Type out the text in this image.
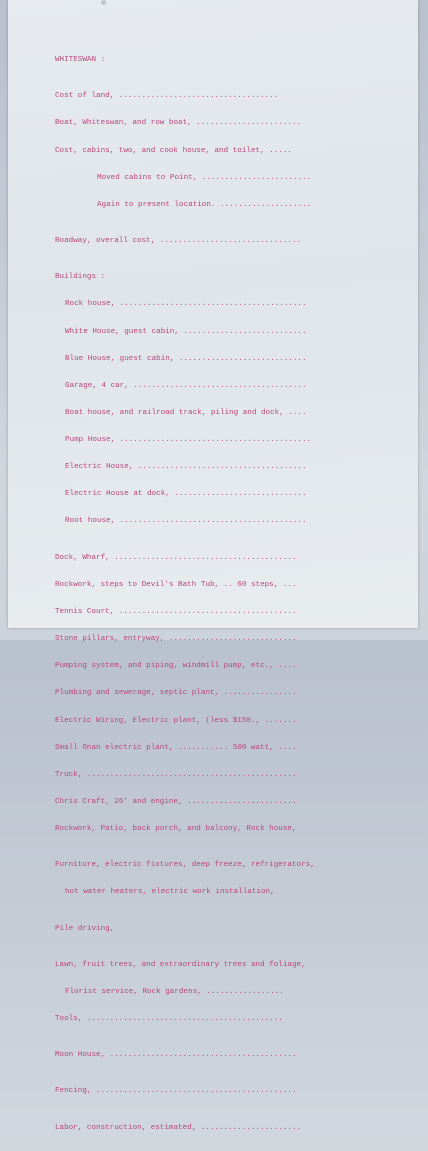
WHITESWAN :

Cost of land, ...................................

Boat, Whiteswan, and row boat, .......................

Cost, cabins, two, and cook house, and toilet, .....

Moved cabins to Point, ........................

Again to present location. ....................

Roadway, overall cost, ...............................

Buildings :

Rock house, .........................................

White House, guest cabin, ...........................

Blue House, guest cabin, ............................

Garage, 4 car, ......................................

Boat house, and railroad track, piling and dock, ....

Pump House, ..........................................

Electric House, .....................................

Electric House at dock, .............................

Root house, .........................................

Dock, Wharf, ........................................

Rockwork, steps to Devil's Bath Tub, .. 60 steps, ...

Tennis Court, .......................................

Stone pillars, entryway, ............................

Pumping system, and piping, windmill pump, etc., ....

Plumbing and sewerage, septic plant, ................

Electric Wiring, Electric plant, (less $150., .......

Small Onan electric plant, ........... 500 watt, ....

Truck, ..............................................

Chris Craft, 26' and engine, ........................

Rockwork, Patio, back porch, and balcony, Rock house,

Furniture, electric fixtures, deep freeze, refrigerators,

hot water heaters, electric work installation,

Pile driving,

Lawn, fruit trees, and extraordinary trees and foliage,

Florist service, Rock gardens, .................

Tools, ...........................................

Moon House, .........................................

Fencing, ............................................

Labor, construction, estimated, ......................
